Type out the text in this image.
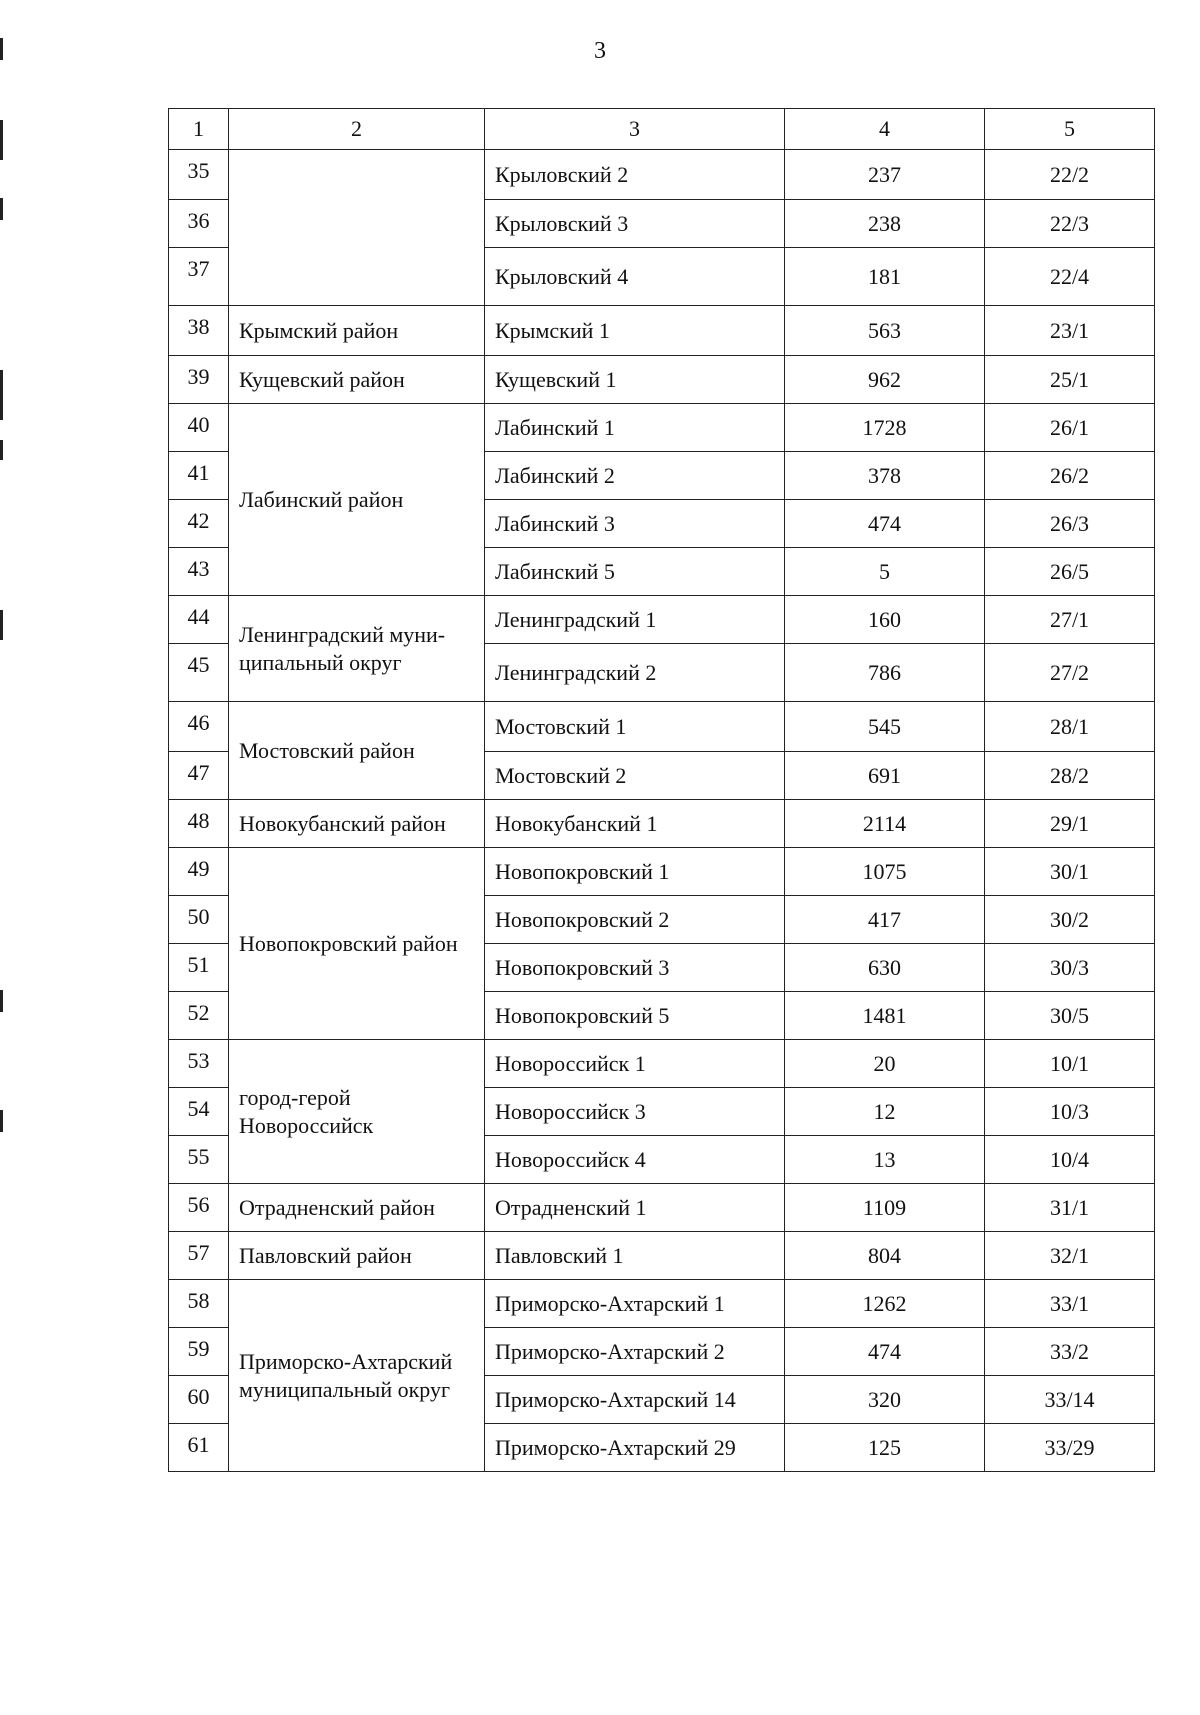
3
1	2	3	4	5
35		Крыловский 2	237	22/2
36		Крыловский 3	238	22/3
37		Крыловский 4	181	22/4
38	Крымский район	Крымский 1	563	23/1
39	Кущевский район	Кущевский 1	962	25/1
40	Лабинский район	Лабинский 1	1728	26/1
41		Лабинский 2	378	26/2
42		Лабинский 3	474	26/3
43		Лабинский 5	5	26/5
44	Ленинградский муни-ципальный округ	Ленинградский 1	160	27/1
45		Ленинградский 2	786	27/2
46	Мостовский район	Мостовский 1	545	28/1
47		Мостовский 2	691	28/2
48	Новокубанский район	Новокубанский 1	2114	29/1
49	Новопокровский район	Новопокровский 1	1075	30/1
50		Новопокровский 2	417	30/2
51		Новопокровский 3	630	30/3
52		Новопокровский 5	1481	30/5
53	город-герой Новороссийск	Новороссийск 1	20	10/1
54		Новороссийск 3	12	10/3
55		Новороссийск 4	13	10/4
56	Отрадненский район	Отрадненский 1	1109	31/1
57	Павловский район	Павловский 1	804	32/1
58	Приморско-Ахтарский муниципальный округ	Приморско-Ахтарский 1	1262	33/1
59		Приморско-Ахтарский 2	474	33/2
60		Приморско-Ахтарский 14	320	33/14
61		Приморско-Ахтарский 29	125	33/29
